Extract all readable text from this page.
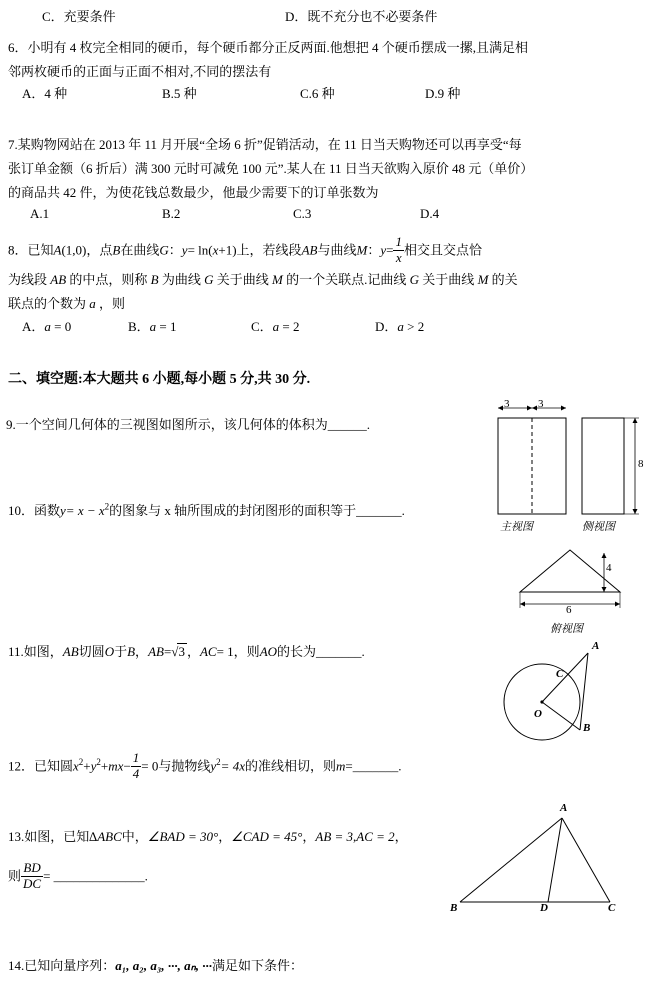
C．充要条件	D．既不充分也不必要条件
6．小明有 4 枚完全相同的硬币，每个硬币都分正反两面.他想把 4 个硬币摆成一摞,且满足相
邻两枚硬币的正面与正面不相对,不同的摆法有
A．4 种	B.5 种	C.6 种	D.9 种
7.某购物网站在 2013 年 11 月开展“全场 6 折”促销活动，在 11 日当天购物还可以再享受“每
张订单金额（6 折后）满 300 元时可减免 100 元”.某人在 11 日当天欲购入原价 48 元（单价）
的商品共 42 件，为使花钱总数最少，他最少需要下的订单张数为
A.1	B.2	C.3	D.4
8．已知A(1,0)，点B在曲线G：y= ln(x+1)上，若线段AB与曲线M：$y= \frac{1}{x}$ 相交且交点恰
为线段 AB 的中点，则称 B 为曲线 G 关于曲线 M 的一个关联点.记曲线 G 关于曲线 M 的关
联点的个数为 a ，则
A．a = 0	B．a = 1	C．a = 2	D．a > 2
二、填空题:本大题共 6 小题,每小题 5 分,共 30 分.
9.一个空间几何体的三视图如图所示，该几何体的体积为______.
3	3
8
主视图	侧视图
4
6
俯视图
10．函数$y= x - x^2$的图象与 x 轴所围成的封闭图形的面积等于_______.
11.如图，AB切圆O于B，AB=√3 ，AC= 1，则AO的长为_______.	A
B
C
O
12．已知圆$x^2+y^2+mx- \frac{1}{4} = 0$与抛物线$y^2= 4x$的准线相切，则m=_______.
13.如图，已知∆ABC中，∠BAD = 30°，∠CAD = 45°，AB = 3,AC = 2，
则 $\frac{BD}{DC}$ = ______________.
A
B	D	C
14.已知向量序列：a₁, a₂, a₃, ···, aₙ, ···满足如下条件：
